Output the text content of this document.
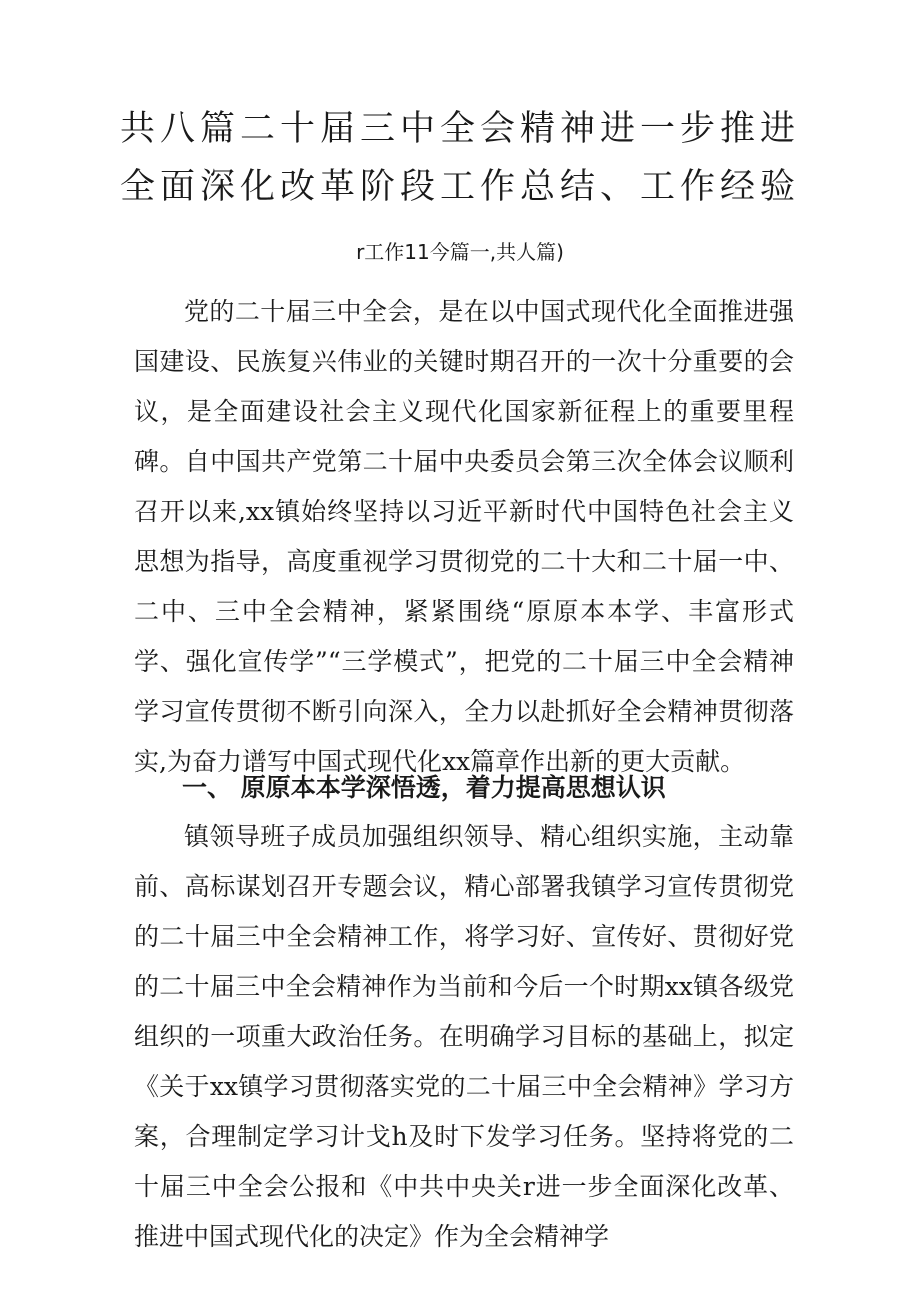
共八篇二十届三中全会精神进一步推进全面深化改革阶段工作总结、工作经验

r工作11今篇一,共人篇)

党的二十届三中全会，是在以中国式现代化全面推进强国建设、民族复兴伟业的关键时期召开的一次十分重要的会议，是全面建设社会主义现代化国家新征程上的重要里程碑。自中国共产党第二十届中央委员会第三次全体会议顺利召开以来,xx镇始终坚持以习近平新时代中国特色社会主义思想为指导，高度重视学习贯彻党的二十大和二十届一中、二中、三中全会精神，紧紧围绕“原原本本学、丰富形式学、强化宣传学”“三学模式”，把党的二十届三中全会精神学习宣传贯彻不断引向深入，全力以赴抓好全会精神贯彻落实,为奋力谱写中国式现代化xx篇章作出新的更大贡献。

一、 原原本本学深悟透，着力提高思想认识

镇领导班子成员加强组织领导、精心组织实施，主动靠前、高标谋划召开专题会议，精心部署我镇学习宣传贯彻党的二十届三中全会精神工作，将学习好、宣传好、贯彻好党的二十届三中全会精神作为当前和今后一个时期xx镇各级党组织的一项重大政治任务。在明确学习目标的基础上，拟定《关于xx镇学习贯彻落实党的二十届三中全会精神》学习方案，合理制定学习计戈h及时下发学习任务。坚持将党的二十届三中全会公报和《中共中央关r进一步全面深化改革、推进中国式现代化的决定》作为全会精神学
